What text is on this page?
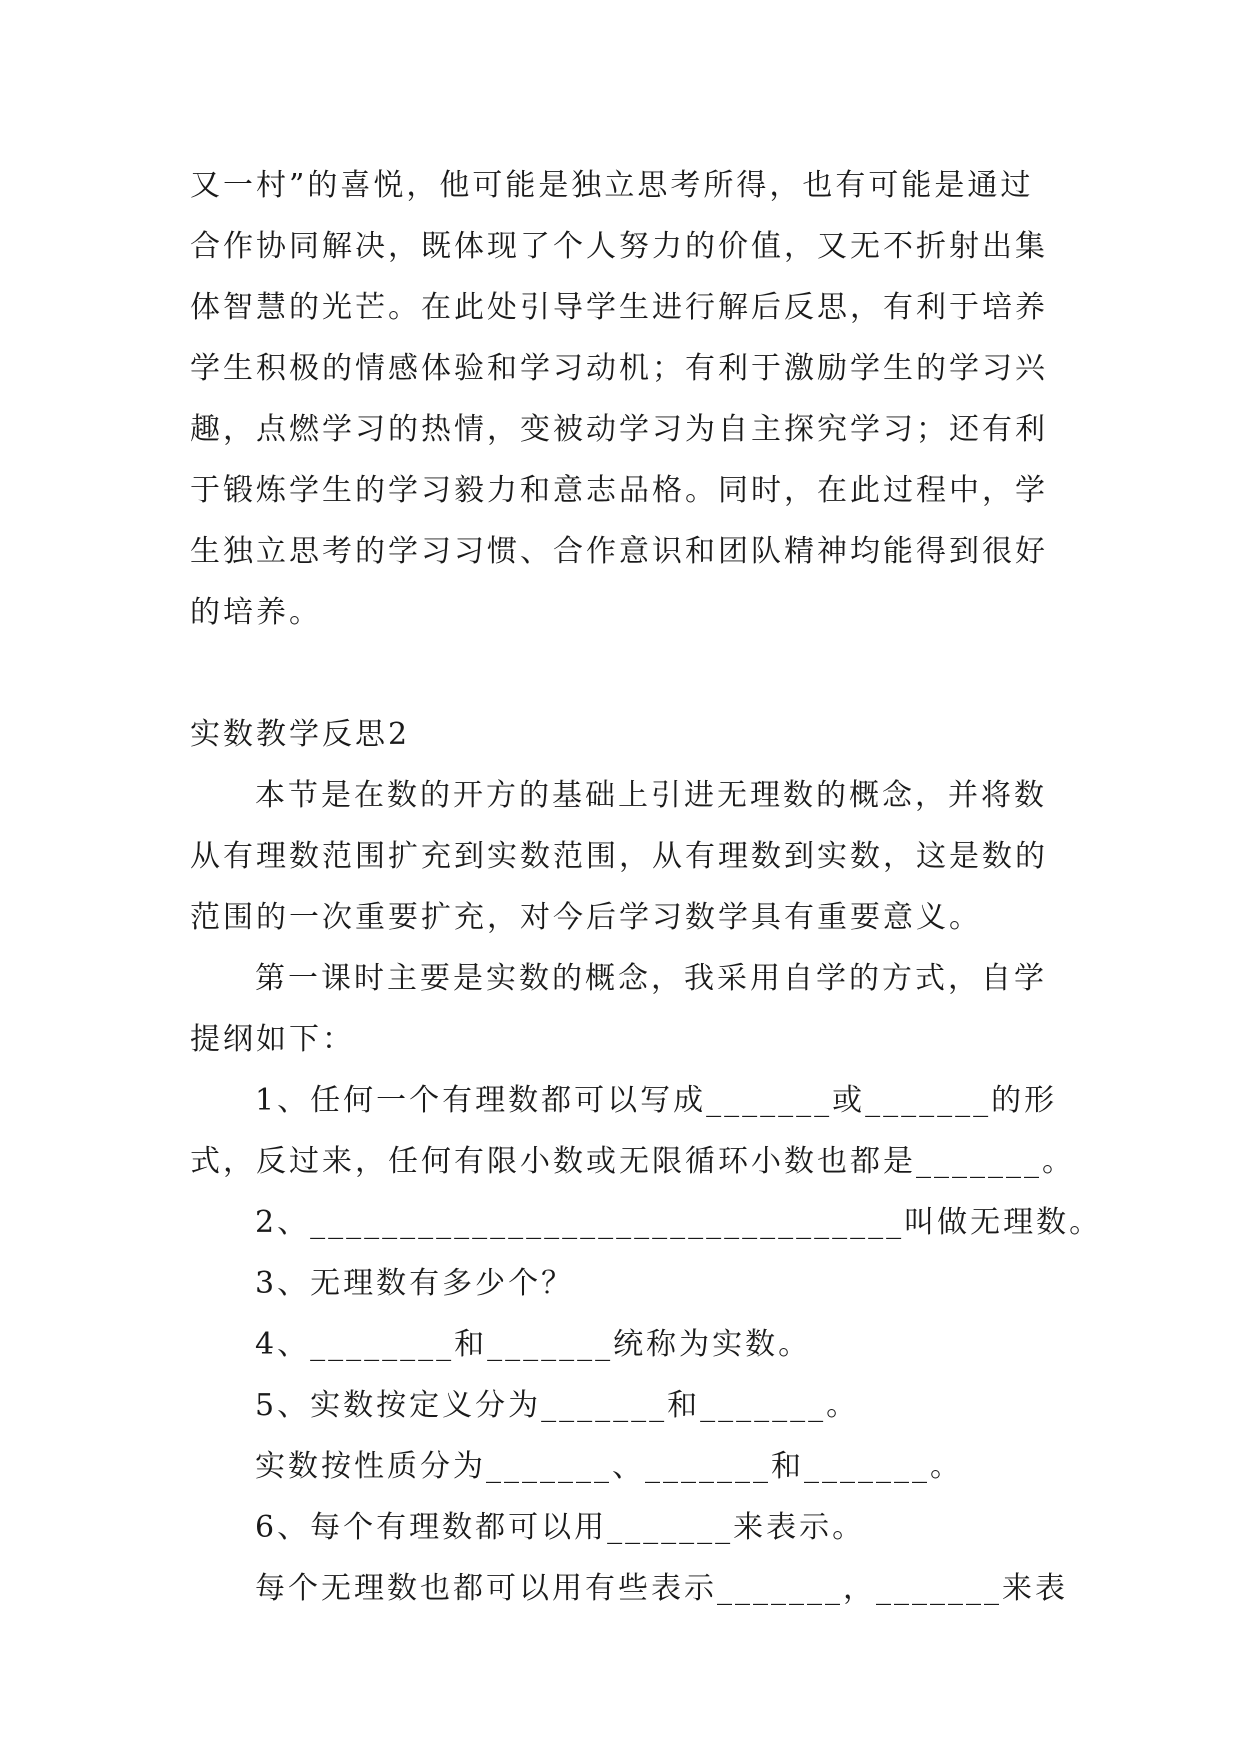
又一村”的喜悦，他可能是独立思考所得，也有可能是通过
合作协同解决，既体现了个人努力的价值，又无不折射出集
体智慧的光芒。在此处引导学生进行解后反思，有利于培养
学生积极的情感体验和学习动机；有利于激励学生的学习兴
趣，点燃学习的热情，变被动学习为自主探究学习；还有利
于锻炼学生的学习毅力和意志品格。同时，在此过程中，学
生独立思考的学习习惯、合作意识和团队精神均能得到很好
的培养。
实数教学反思2
本节是在数的开方的基础上引进无理数的概念，并将数
从有理数范围扩充到实数范围，从有理数到实数，这是数的
范围的一次重要扩充，对今后学习数学具有重要意义。
第一课时主要是实数的概念，我采用自学的方式，自学
提纲如下：
1、任何一个有理数都可以写成_______或_______的形
式，反过来，任何有限小数或无限循环小数也都是_______。
2、_________________________________叫做无理数。
3、无理数有多少个？
4、________和_______统称为实数。
5、实数按定义分为_______和_______。
实数按性质分为_______、_______和_______。
6、每个有理数都可以用_______来表示。
每个无理数也都可以用有些表示_______，_______来表
